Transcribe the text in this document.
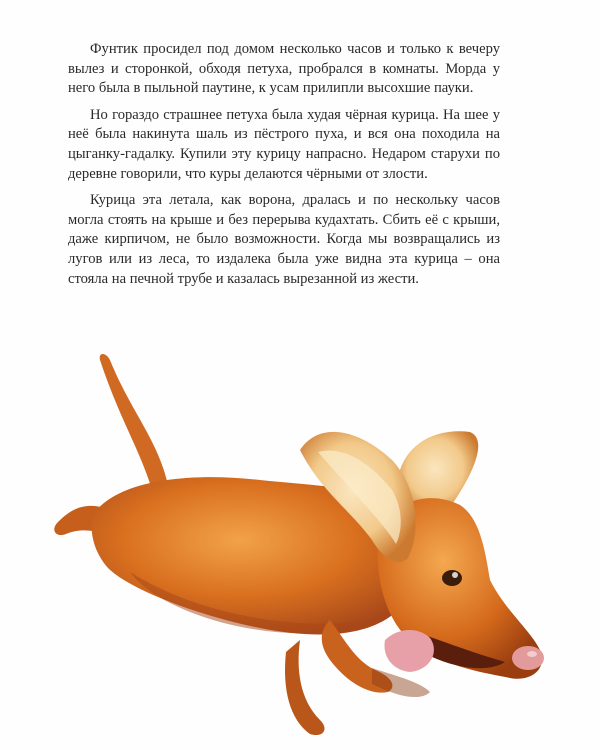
Фунтик просидел под домом несколько часов и только к вечеру вылез и сторонкой, обходя петуха, пробрался в комнаты. Морда у него была в пыльной паутине, к усам прилипли высохшие пауки.

Но гораздо страшнее петуха была худая чёрная курица. На шее у неё была накинута шаль из пёстрого пуха, и вся она походила на цыганку-гадалку. Купили эту курицу напрасно. Недаром старухи по деревне говорили, что куры делаются чёрными от злости.

Курица эта летала, как ворона, дралась и по нескольку часов могла стоять на крыше и без перерыва кудахтать. Сбить её с крыши, даже кирпичом, не было возможности. Когда мы возвращались из лугов или из леса, то издалека была уже видна эта курица – она стояла на печной трубе и казалась вырезанной из жести.
